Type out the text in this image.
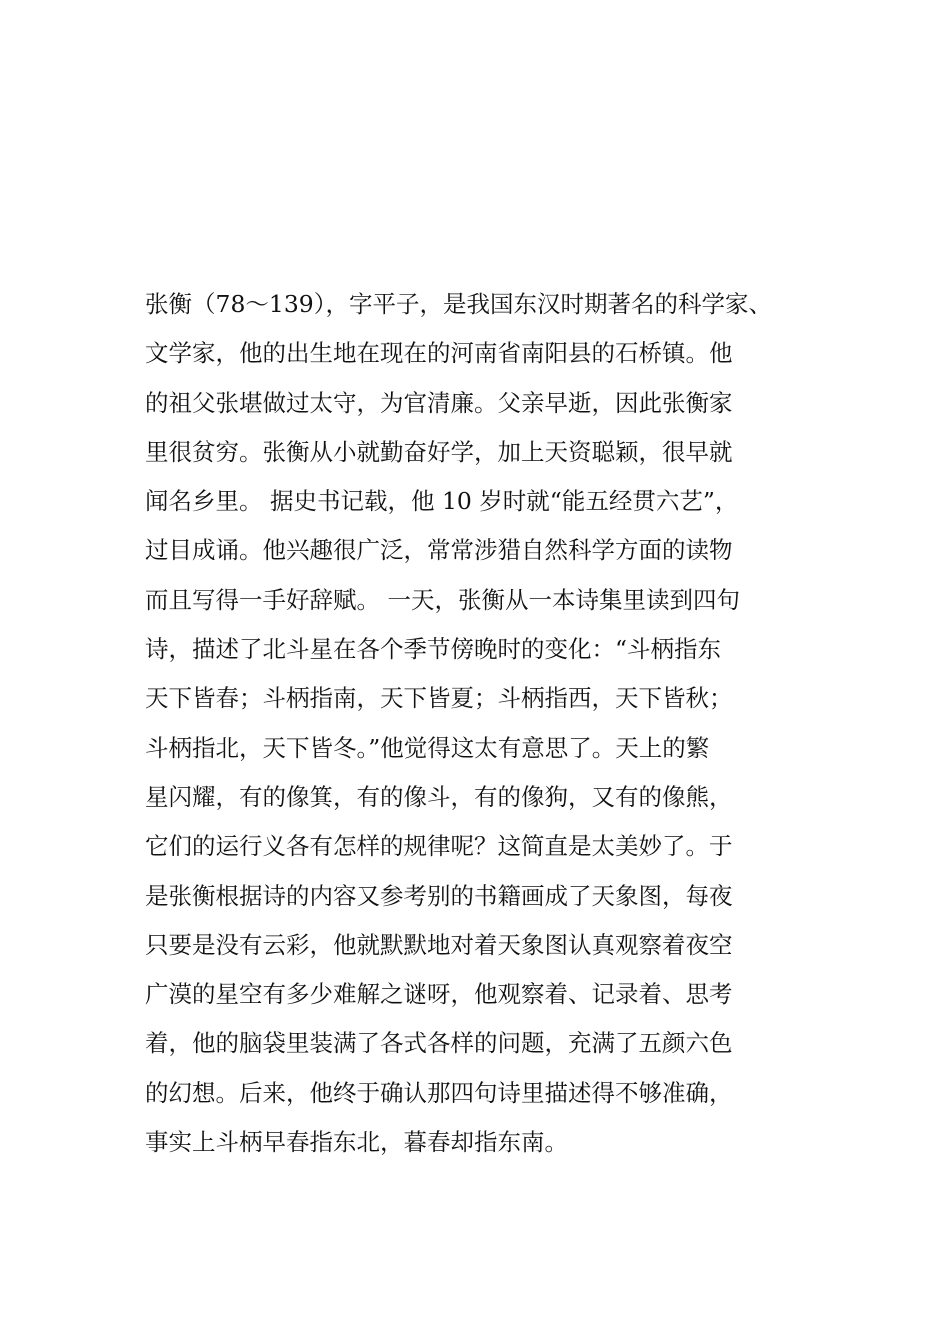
张衡（78～139），字平子，是我国东汉时期著名的科学家、
文学家，他的出生地在现在的河南省南阳县的石桥镇。他
的祖父张堪做过太守，为官清廉。父亲早逝，因此张衡家
里很贫穷。张衡从小就勤奋好学，加上天资聪颖，很早就
闻名乡里。 据史书记载，他 10 岁时就“能五经贯六艺”，
过目成诵。他兴趣很广泛，常常涉猎自然科学方面的读物
而且写得一手好辞赋。 一天，张衡从一本诗集里读到四句
诗，描述了北斗星在各个季节傍晚时的变化：“斗柄指东
天下皆春；斗柄指南，天下皆夏；斗柄指西，天下皆秋；
斗柄指北，天下皆冬。”他觉得这太有意思了。天上的繁
星闪耀，有的像箕，有的像斗，有的像狗，又有的像熊，
它们的运行义各有怎样的规律呢？这简直是太美妙了。于
是张衡根据诗的内容又参考别的书籍画成了天象图，每夜
只要是没有云彩，他就默默地对着天象图认真观察着夜空
广漠的星空有多少难解之谜呀，他观察着、记录着、思考
着，他的脑袋里装满了各式各样的问题，充满了五颜六色
的幻想。后来，他终于确认那四句诗里描述得不够准确，
事实上斗柄早春指东北，暮春却指东南。
